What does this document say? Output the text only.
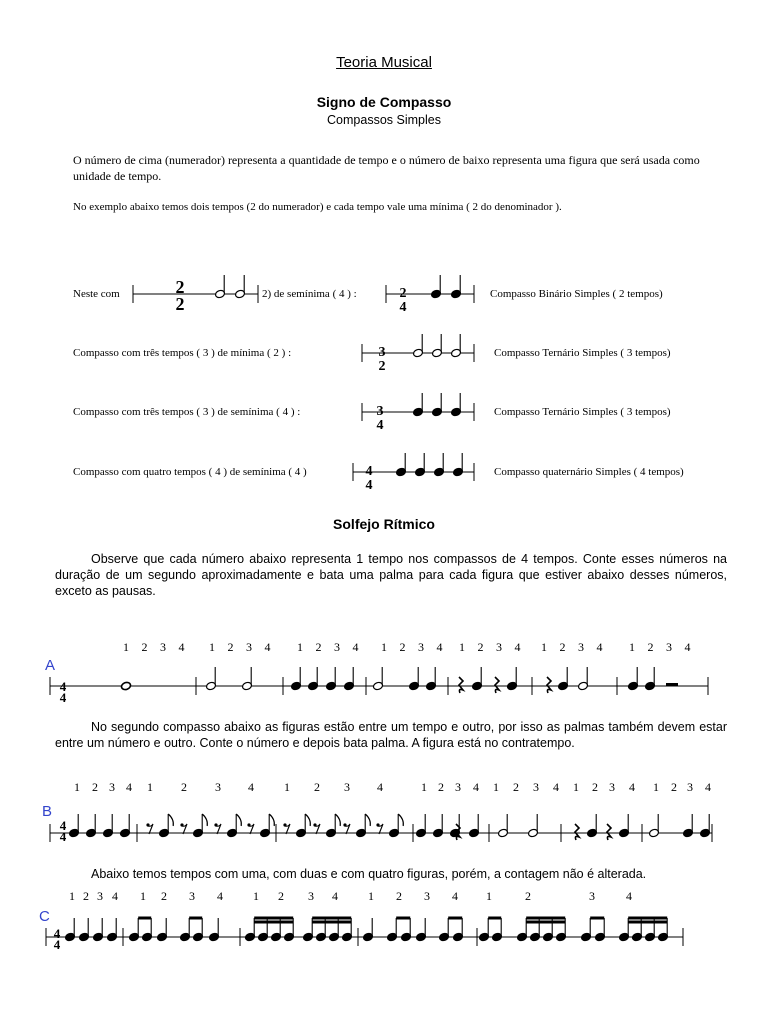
Teoria Musical
Signo de Compasso
Compassos Simples
O número de cima (numerador) representa a quantidade de tempo e o número de baixo representa uma figura que será usada como unidade de tempo.
No exemplo abaixo temos dois tempos (2 do numerador) e cada tempo vale uma mínima ( 2 do denominador ).
Neste com	2) de semínima ( 4 ) :	Compasso Binário Simples ( 2 tempos)
Compasso com três tempos ( 3 ) de mínima ( 2 ) :	Compasso Ternário Simples ( 3 tempos)
Compasso com três tempos ( 3 ) de semínima ( 4 ) :	Compasso Ternário Simples ( 3 tempos)
Compasso com quatro tempos ( 4 ) de semínima ( 4 )	Compasso quaternário Simples ( 4 tempos)
2
2
2
4
3
2
3
4
4
4
Solfejo Rítmico
Observe que cada número abaixo representa 1 tempo nos compassos de 4 tempos. Conte esses números na duração de um segundo aproximadamente e bata uma palma para cada figura que estiver abaixo desses números, exceto as pausas.
A
No segundo compasso abaixo as figuras estão entre um tempo e outro, por isso as palmas também devem estar entre um número e outro. Conte o número e depois bata palma. A figura está no contratempo.
B
Abaixo temos tempos com uma, com duas e com quatro figuras, porém, a contagem não é alterada.
C
1 2 3 4 1 2 3 4 1 2 3 4 1 2 3 4 1 2 3 4 1 2 3 4 1 2 3 4
1 2 3 4 1 2 3 4	1 2 3 4	1 2 3 4 1 2 3 4 1 2 3 4 1 2 3 4
1 2 3 4 1 2 3 4	1 2 3 4	1 2 3 4 1	2	3	4
4
4
4
4
4
4
